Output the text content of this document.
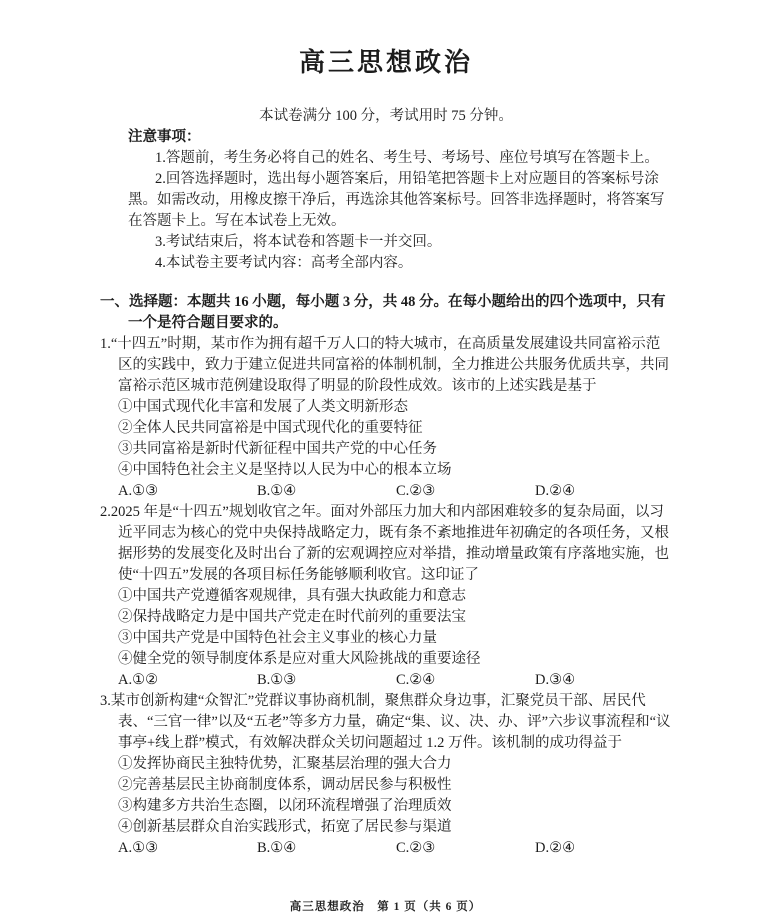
高三思想政治

本试卷满分 100 分，考试用时 75 分钟。

注意事项：

1.答题前，考生务必将自己的姓名、考生号、考场号、座位号填写在答题卡上。

2.回答选择题时，选出每小题答案后，用铅笔把答题卡上对应题目的答案标号涂黑。如需改动，用橡皮擦干净后，再选涂其他答案标号。回答非选择题时，将答案写在答题卡上。写在本试卷上无效。

3.考试结束后，将本试卷和答题卡一并交回。

4.本试卷主要考试内容：高考全部内容。

一、选择题：本题共 16 小题，每小题 3 分，共 48 分。在每小题给出的四个选项中，只有一个是符合题目要求的。

1.“十四五”时期，某市作为拥有超千万人口的特大城市，在高质量发展建设共同富裕示范区的实践中，致力于建立促进共同富裕的体制机制，全力推进公共服务优质共享，共同富裕示范区城市范例建设取得了明显的阶段性成效。该市的上述实践是基于

①中国式现代化丰富和发展了人类文明新形态

②全体人民共同富裕是中国式现代化的重要特征

③共同富裕是新时代新征程中国共产党的中心任务

④中国特色社会主义是坚持以人民为中心的根本立场

A.①③	B.①④	C.②③	D.②④

2.2025 年是“十四五”规划收官之年。面对外部压力加大和内部困难较多的复杂局面，以习近平同志为核心的党中央保持战略定力，既有条不紊地推进年初确定的各项任务，又根据形势的发展变化及时出台了新的宏观调控应对举措，推动增量政策有序落地实施，也使“十四五”发展的各项目标任务能够顺利收官。这印证了

①中国共产党遵循客观规律，具有强大执政能力和意志

②保持战略定力是中国共产党走在时代前列的重要法宝

③中国共产党是中国特色社会主义事业的核心力量

④健全党的领导制度体系是应对重大风险挑战的重要途径

A.①②	B.①③	C.②④	D.③④

3.某市创新构建“众智汇”党群议事协商机制，聚焦群众身边事，汇聚党员干部、居民代表、“三官一律”以及“五老”等多方力量，确定“集、议、决、办、评”六步议事流程和“议事亭+线上群”模式，有效解决群众关切问题超过 1.2 万件。该机制的成功得益于

①发挥协商民主独特优势，汇聚基层治理的强大合力

②完善基层民主协商制度体系，调动居民参与积极性

③构建多方共治生态圈，以闭环流程增强了治理质效

④创新基层群众自治实践形式，拓宽了居民参与渠道

A.①③	B.①④	C.②③	D.②④
高三思想政治　第 1 页（共 6 页）
